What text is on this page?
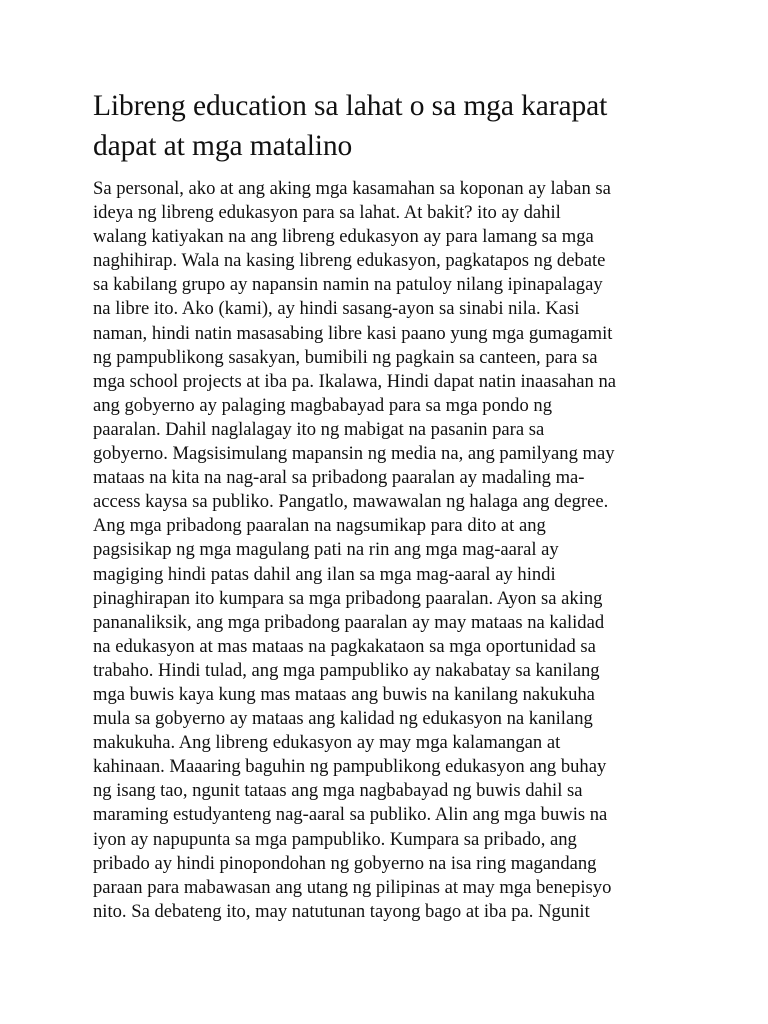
Libreng education sa lahat o sa mga karapat
dapat at mga matalino
Sa personal, ako at ang aking mga kasamahan sa koponan ay laban sa
ideya ng libreng edukasyon para sa lahat. At bakit? ito ay dahil
walang katiyakan na ang libreng edukasyon ay para lamang sa mga
naghihirap. Wala na kasing libreng edukasyon, pagkatapos ng debate
sa kabilang grupo ay napansin namin na patuloy nilang ipinapalagay
na libre ito. Ako (kami), ay hindi sasang-ayon sa sinabi nila. Kasi
naman, hindi natin masasabing libre kasi paano yung mga gumagamit
ng pampublikong sasakyan, bumibili ng pagkain sa canteen, para sa
mga school projects at iba pa. Ikalawa, Hindi dapat natin inaasahan na
ang gobyerno ay palaging magbabayad para sa mga pondo ng
paaralan. Dahil naglalagay ito ng mabigat na pasanin para sa
gobyerno. Magsisimulang mapansin ng media na, ang pamilyang may
mataas na kita na nag-aral sa pribadong paaralan ay madaling ma-
access kaysa sa publiko. Pangatlo, mawawalan ng halaga ang degree.
Ang mga pribadong paaralan na nagsumikap para dito at ang
pagsisikap ng mga magulang pati na rin ang mga mag-aaral ay
magiging hindi patas dahil ang ilan sa mga mag-aaral ay hindi
pinaghirapan ito kumpara sa mga pribadong paaralan. Ayon sa aking
pananaliksik, ang mga pribadong paaralan ay may mataas na kalidad
na edukasyon at mas mataas na pagkakataon sa mga oportunidad sa
trabaho. Hindi tulad, ang mga pampubliko ay nakabatay sa kanilang
mga buwis kaya kung mas mataas ang buwis na kanilang nakukuha
mula sa gobyerno ay mataas ang kalidad ng edukasyon na kanilang
makukuha. Ang libreng edukasyon ay may mga kalamangan at
kahinaan. Maaaring baguhin ng pampublikong edukasyon ang buhay
ng isang tao, ngunit tataas ang mga nagbabayad ng buwis dahil sa
maraming estudyanteng nag-aaral sa publiko. Alin ang mga buwis na
iyon ay napupunta sa mga pampubliko. Kumpara sa pribado, ang
pribado ay hindi pinopondohan ng gobyerno na isa ring magandang
paraan para mabawasan ang utang ng pilipinas at may mga benepisyo
nito. Sa debateng ito, may natutunan tayong bago at iba pa. Ngunit
